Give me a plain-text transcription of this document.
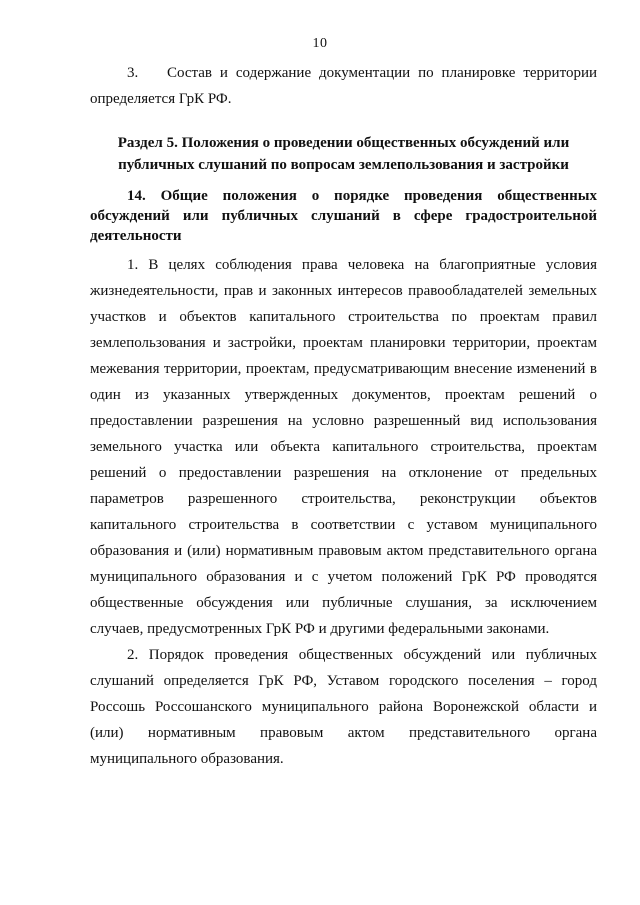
10

3. Состав и содержание документации по планировке территории определяется ГрК РФ.

Раздел 5. Положения о проведении общественных обсуждений или публичных слушаний по вопросам землепользования и застройки

14. Общие положения о порядке проведения общественных обсуждений или публичных слушаний в сфере градостроительной деятельности

1. В целях соблюдения права человека на благоприятные условия жизнедеятельности, прав и законных интересов правообладателей земельных участков и объектов капитального строительства по проектам правил землепользования и застройки, проектам планировки территории, проектам межевания территории, проектам, предусматривающим внесение изменений в один из указанных утвержденных документов, проектам решений о предоставлении разрешения на условно разрешенный вид использования земельного участка или объекта капитального строительства, проектам решений о предоставлении разрешения на отклонение от предельных параметров разрешенного строительства, реконструкции объектов капитального строительства в соответствии с уставом муниципального образования и (или) нормативным правовым актом представительного органа муниципального образования и с учетом положений ГрК РФ проводятся общественные обсуждения или публичные слушания, за исключением случаев, предусмотренных ГрК РФ и другими федеральными законами.

2. Порядок проведения общественных обсуждений или публичных слушаний определяется ГрК РФ, Уставом городского поселения – город Россошь Россошанского муниципального района Воронежской области и (или) нормативным правовым актом представительного органа муниципального образования.
